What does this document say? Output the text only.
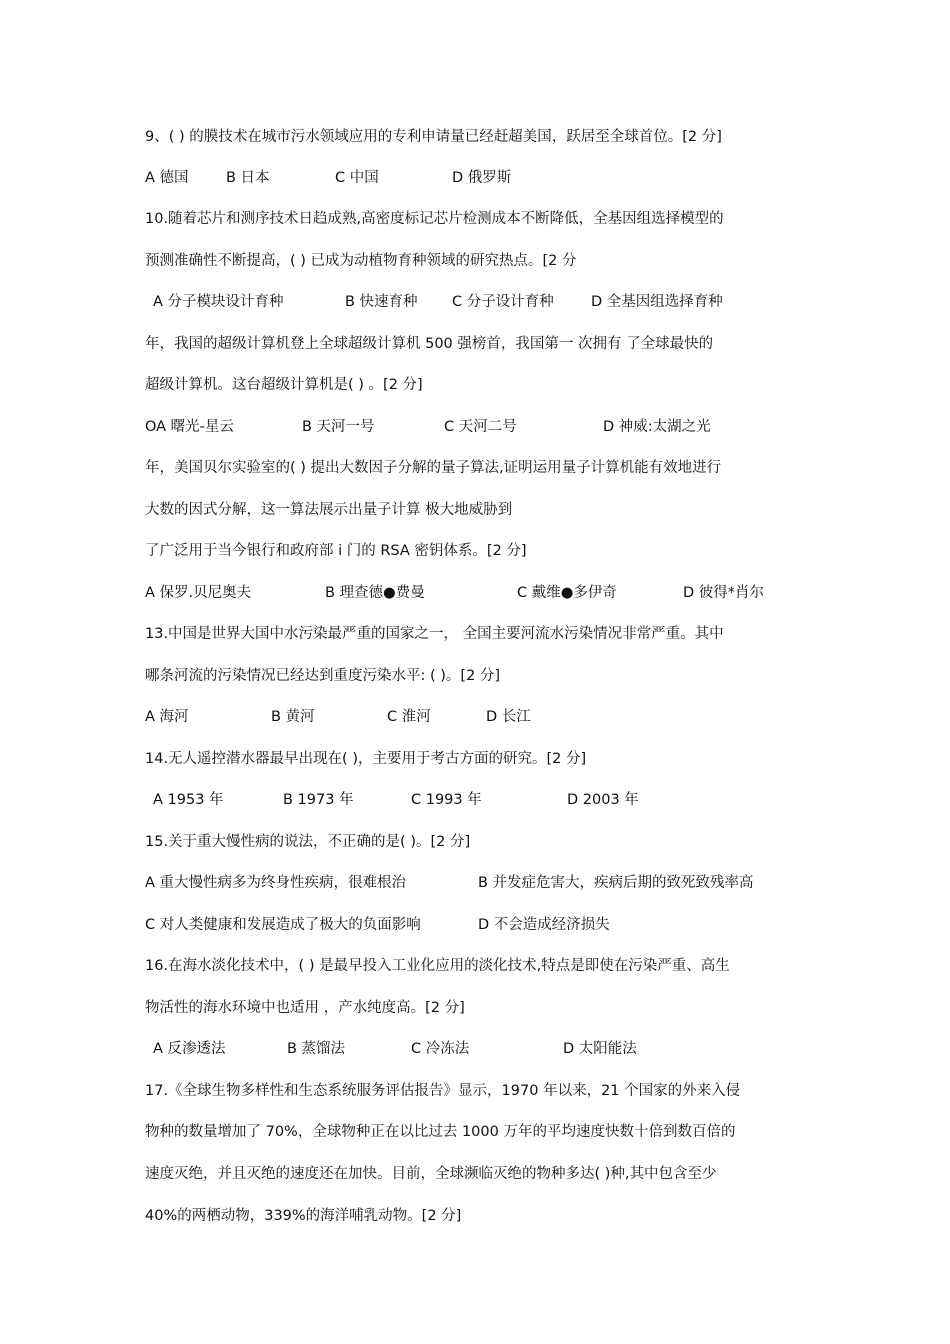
9、( ) 的膜技术在城市污水领域应用的专利申请量已经赶超美国，跃居至全球首位。[2 分]
A 德国	B 日本	C 中国	D 俄罗斯
10.随着芯片和测序技术日趋成熟,高密度标记芯片检测成本不断降低，全基因组选择模型的
预测准确性不断提高，( ) 已成为动植物育种领域的研究热点。[2 分
A 分子模块设计育种	B 快速育种 C 分子设计育种	D 全基因组选择育种
年，我国的超级计算机登上全球超级计算机 500 强榜首，我国第一 次拥有 了全球最快的
超级计算机。这台超级计算机是( ) 。[2 分]
OA 曙光-星云	B 天河一号	C 天河二号	D 神威:太湖之光
年，美国贝尔实验室的( ) 提出大数因子分解的量子算法,证明运用量子计算机能有效地进行
大数的因式分解，这一算法展示出量子计算 极大地威胁到
了广泛用于当今银行和政府部 i 门的 RSA 密钥体系。[2 分]
A 保罗.贝尼奥夫	B 理查德●费曼	C 戴维●多伊奇	D 彼得*肖尔
13.中国是世界大国中水污染最严重的国家之一， 全国主要河流水污染情况非常严重。其中
哪条河流的污染情况已经达到重度污染水平: ( )。[2 分]
A 海河	B 黄河	C 淮河	D 长江
14.无人遥控潜水器最早出现在( )，主要用于考古方面的研究。[2 分]
A 1953 年	B 1973 年	C 1993 年	D 2003 年
15.关于重大慢性病的说法，不正确的是( )。[2 分]
A 重大慢性病多为终身性疾病，很难根治	B 并发症危害大，疾病后期的致死致残率高
C 对人类健康和发展造成了极大的负面影响	D 不会造成经济损失
16.在海水淡化技术中，( ) 是最早投入工业化应用的淡化技术,特点是即使在污染严重、高生
物活性的海水环境中也适用 ，产水纯度高。[2 分]
A 反渗透法	B 蒸馏法	C 冷冻法	D 太阳能法
17.《全球生物多样性和生态系统服务评估报告》显示，1970 年以来，21 个国家的外来入侵
物种的数量增加了 70%，全球物种正在以比过去 1000 万年的平均速度快数十倍到数百倍的
速度灭绝，并且灭绝的速度还在加快。目前，全球濒临灭绝的物种多达( )种,其中包含至少
40%的两栖动物，339%的海洋哺乳动物。[2 分]
